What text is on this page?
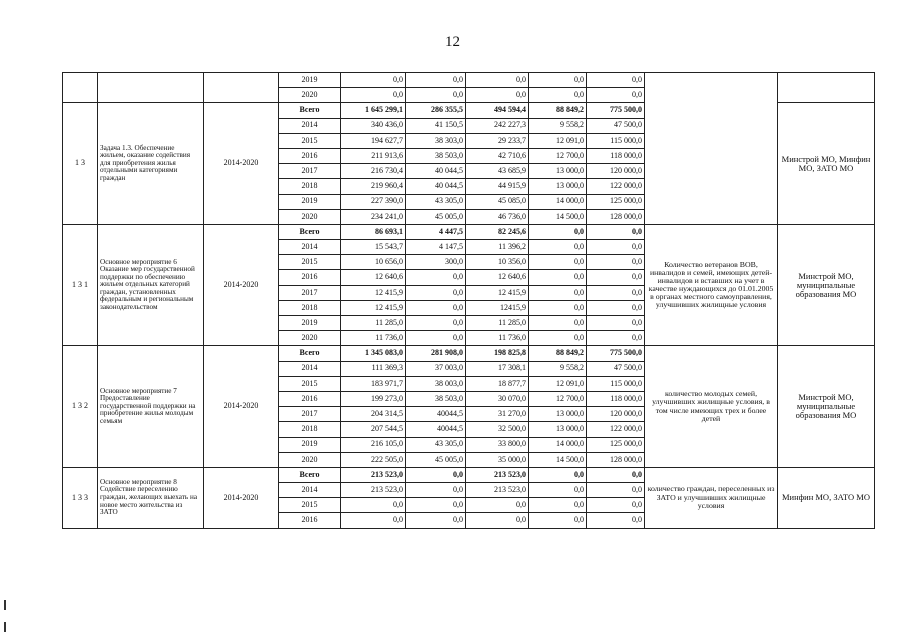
12
			2019	0,0	0,0	0,0	0,0	0,0		
			2020	0,0	0,0	0,0	0,0	0,0		
1 3	Задача 1.3. Обеспечение жильем, оказание содействия для приобретения жилья отдельными категориями граждан	2014-2020	Всего	1 645 299,1	286 355,5	494 594,4	88 849,2	775 500,0		Минстрой МО, Минфин МО, ЗАТО МО
			2014	340 436,0	41 150,5	242 227,3	9 558,2	47 500,0		
			2015	194 627,7	38 303,0	29 233,7	12 091,0	115 000,0		
			2016	211 913,6	38 503,0	42 710,6	12 700,0	118 000,0		
			2017	216 730,4	40 044,5	43 685,9	13 000,0	120 000,0		
			2018	219 960,4	40 044,5	44 915,9	13 000,0	122 000,0		
			2019	227 390,0	43 305,0	45 085,0	14 000,0	125 000,0		
			2020	234 241,0	45 005,0	46 736,0	14 500,0	128 000,0		
1 3 1	Основное мероприятие 6 Оказание мер государственной поддержки по обеспечению жильем отдельных категорий граждан, установленных федеральным и региональным законодательством	2014-2020	Всего	86 693,1	4 447,5	82 245,6	0,0	0,0	Количество ветеранов ВОВ, инвалидов и семей, имеющих детей-инвалидов и вставших на учет в качестве нуждающихся до 01.01.2005 в органах местного самоуправления, улучшивших жилищные условия	Минстрой МО, муниципальные образования МО
			2014	15 543,7	4 147,5	11 396,2	0,0	0,0		
			2015	10 656,0	300,0	10 356,0	0,0	0,0		
			2016	12 640,6	0,0	12 640,6	0,0	0,0		
			2017	12 415,9	0,0	12 415,9	0,0	0,0		
			2018	12 415,9	0,0	12415,9	0,0	0,0		
			2019	11 285,0	0,0	11 285,0	0,0	0,0		
			2020	11 736,0	0,0	11 736,0	0,0	0,0		
1 3 2	Основное мероприятие 7 Предоставление государственной поддержки на приобретение жилья молодым семьям	2014-2020	Всего	1 345 083,0	281 908,0	198 825,8	88 849,2	775 500,0	количество молодых семей, улучшивших жилищные условия, в том числе имеющих трех и более детей	Минстрой МО, муниципальные образования МО
			2014	111 369,3	37 003,0	17 308,1	9 558,2	47 500,0		
			2015	183 971,7	38 003,0	18 877,7	12 091,0	115 000,0		
			2016	199 273,0	38 503,0	30 070,0	12 700,0	118 000,0		
			2017	204 314,5	40044,5	31 270,0	13 000,0	120 000,0		
			2018	207 544,5	40044,5	32 500,0	13 000,0	122 000,0		
			2019	216 105,0	43 305,0	33 800,0	14 000,0	125 000,0		
			2020	222 505,0	45 005,0	35 000,0	14 500,0	128 000,0		
1 3 3	Основное мероприятие 8 Содействие переселению граждан, желающих выехать на новое место жительства из ЗАТО	2014-2020	Всего	213 523,0	0,0	213 523,0	0,0	0,0	количество граждан, переселенных из ЗАТО и улучшивших жилищные условия	Минфин МО, ЗАТО МО
			2014	213 523,0	0,0	213 523,0	0,0	0,0		
			2015	0,0	0,0	0,0	0,0	0,0		
			2016	0,0	0,0	0,0	0,0	0,0		
